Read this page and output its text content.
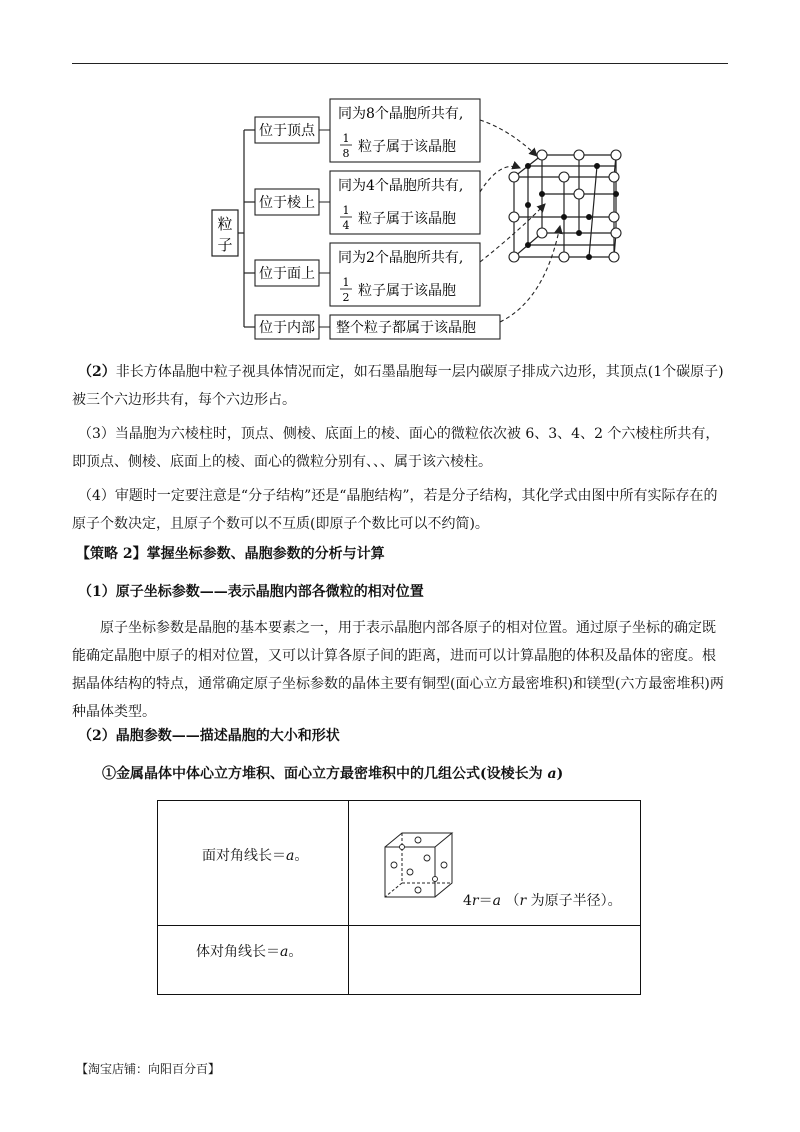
粒
子
位于顶点
同为8个晶胞所共有,
1
8 粒子属于该晶胞
位于棱上
同为4个晶胞所共有,
1
4 粒子属于该晶胞
位于面上
同为2个晶胞所共有,
1
2 粒子属于该晶胞
位于内部 整个粒子都属于该晶胞

（2）非长方体晶胞中粒子视具体情况而定，如石墨晶胞每一层内碳原子排成六边形，其顶点(1个碳原子)被三个六边形共有，每个六边形占。

（3）当晶胞为六棱柱时，顶点、侧棱、底面上的棱、面心的微粒依次被 6、3、4、2 个六棱柱所共有，即顶点、侧棱、底面上的棱、面心的微粒分别有、、、属于该六棱柱。

（4）审题时一定要注意是“分子结构”还是“晶胞结构”，若是分子结构，其化学式由图中所有实际存在的原子个数决定，且原子个数可以不互质(即原子个数比可以不约简)。

【策略 2】掌握坐标参数、晶胞参数的分析与计算

（1）原子坐标参数——表示晶胞内部各微粒的相对位置

原子坐标参数是晶胞的基本要素之一，用于表示晶胞内部各原子的相对位置。通过原子坐标的确定既能确定晶胞中原子的相对位置，又可以计算各原子间的距离，进而可以计算晶胞的体积及晶体的密度。根据晶体结构的特点，通常确定原子坐标参数的晶体主要有铜型(面心立方最密堆积)和镁型(六方最密堆积)两种晶体类型。

（2）晶胞参数——描述晶胞的大小和形状

①金属晶体中体心立方堆积、面心立方最密堆积中的几组公式(设棱长为 a)

面对角线长＝a。
4r＝a （r 为原子半径）。
体对角线长＝a。
【淘宝店铺：向阳百分百】
